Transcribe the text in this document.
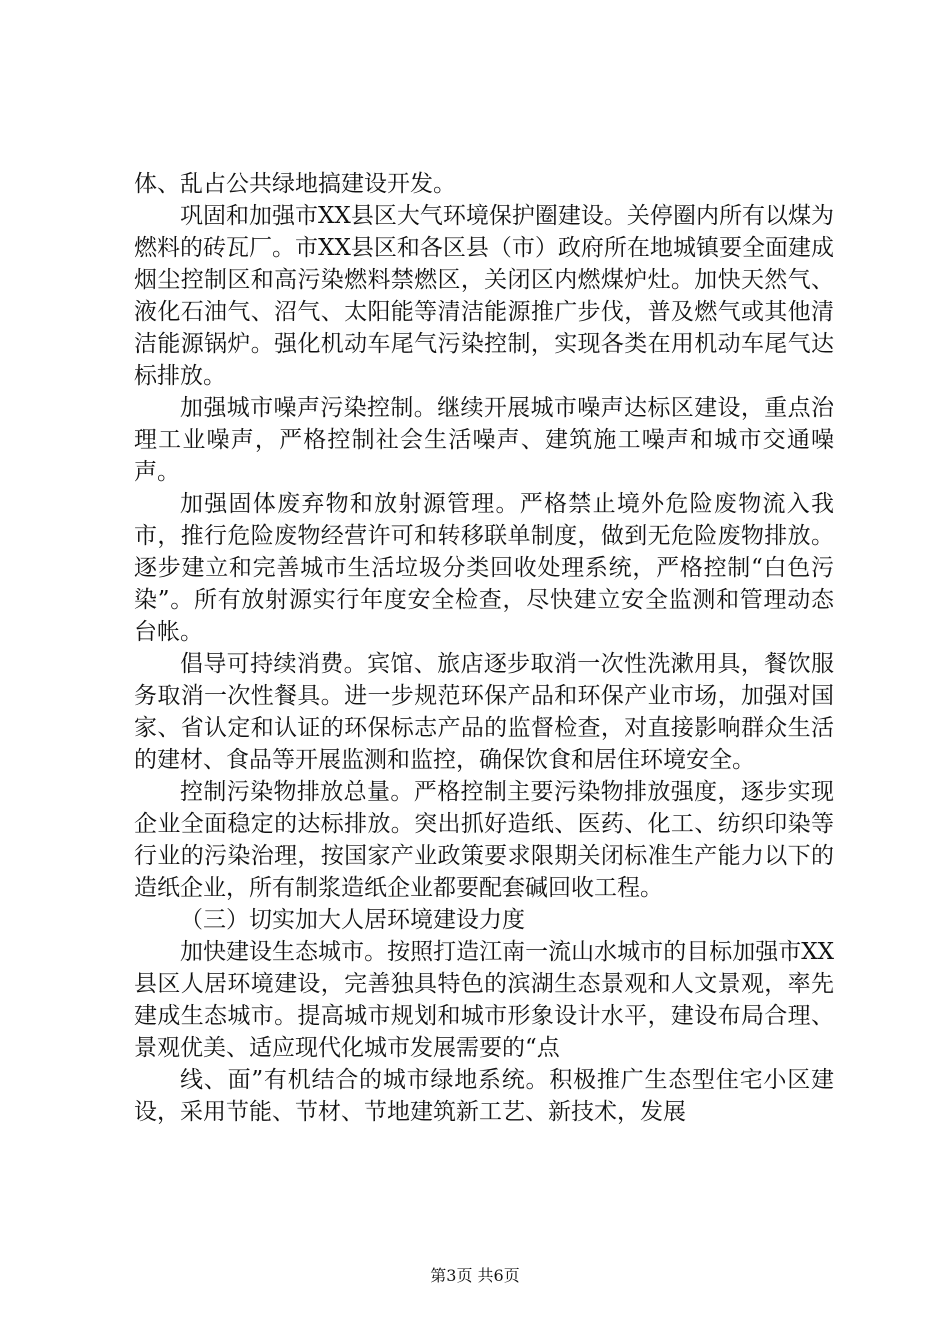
体、乱占公共绿地搞建设开发。

巩固和加强市XX县区大气环境保护圈建设。关停圈内所有以煤为燃料的砖瓦厂。市XX县区和各区县（市）政府所在地城镇要全面建成烟尘控制区和高污染燃料禁燃区，关闭区内燃煤炉灶。加快天然气、液化石油气、沼气、太阳能等清洁能源推广步伐，普及燃气或其他清洁能源锅炉。强化机动车尾气污染控制，实现各类在用机动车尾气达标排放。

加强城市噪声污染控制。继续开展城市噪声达标区建设，重点治理工业噪声，严格控制社会生活噪声、建筑施工噪声和城市交通噪声。

加强固体废弃物和放射源管理。严格禁止境外危险废物流入我市，推行危险废物经营许可和转移联单制度，做到无危险废物排放。逐步建立和完善城市生活垃圾分类回收处理系统，严格控制“白色污染”。所有放射源实行年度安全检查，尽快建立安全监测和管理动态台帐。

倡导可持续消费。宾馆、旅店逐步取消一次性洗漱用具，餐饮服务取消一次性餐具。进一步规范环保产品和环保产业市场，加强对国家、省认定和认证的环保标志产品的监督检查，对直接影响群众生活的建材、食品等开展监测和监控，确保饮食和居住环境安全。

控制污染物排放总量。严格控制主要污染物排放强度，逐步实现企业全面稳定的达标排放。突出抓好造纸、医药、化工、纺织印染等行业的污染治理，按国家产业政策要求限期关闭标准生产能力以下的造纸企业，所有制浆造纸企业都要配套碱回收工程。

（三）切实加大人居环境建设力度

加快建设生态城市。按照打造江南一流山水城市的目标加强市XX县区人居环境建设，完善独具特色的滨湖生态景观和人文景观，率先建成生态城市。提高城市规划和城市形象设计水平，建设布局合理、景观优美、适应现代化城市发展需要的“点

线、面”有机结合的城市绿地系统。积极推广生态型住宅小区建设，采用节能、节材、节地建筑新工艺、新技术，发展

第3页 共6页
